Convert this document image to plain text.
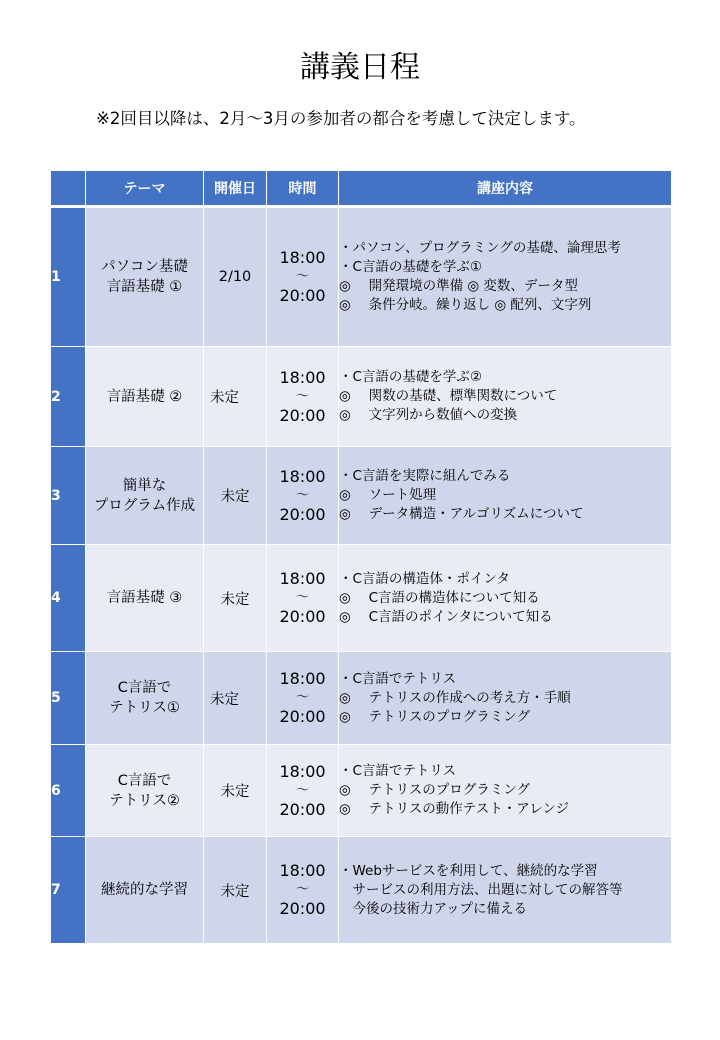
講義日程
※2回目以降は、2月～3月の参加者の都合を考慮して決定します。
	テーマ	開催日	時間	講座内容
1	パソコン基礎
言語基礎 ①	2/10	18:00
～
20:00	・パソコン、プログラミングの基礎、論理思考
・C言語の基礎を学ぶ①
◎　 開発環境の準備 ◎ 変数、データ型
◎　 条件分岐。繰り返し ◎ 配列、文字列

2	言語基礎 ②	未定	18:00
～
20:00	・C言語の基礎を学ぶ②
◎　 関数の基礎、標準関数について
◎　 文字列から数値への変換

3	簡単な
プログラム作成	未定	18:00
～
20:00	・C言語を実際に組んでみる
◎　 ソート処理
◎　 データ構造・アルゴリズムについて

4	言語基礎 ③	未定	18:00
～
20:00	・C言語の構造体・ポインタ
◎　 C言語の構造体について知る
◎　 C言語のポインタについて知る

5	C言語で
テトリス①	未定	18:00
～
20:00	・C言語でテトリス
◎　 テトリスの作成への考え方・手順
◎　 テトリスのプログラミング

6	C言語で
テトリス②	未定	18:00
～
20:00	・C言語でテトリス
◎　 テトリスのプログラミング
◎　 テトリスの動作テスト・アレンジ

7	継続的な学習	未定	18:00
～
20:00	・Webサービスを利用して、継続的な学習
　サービスの利用方法、出題に対しての解答等
　今後の技術力アップに備える
